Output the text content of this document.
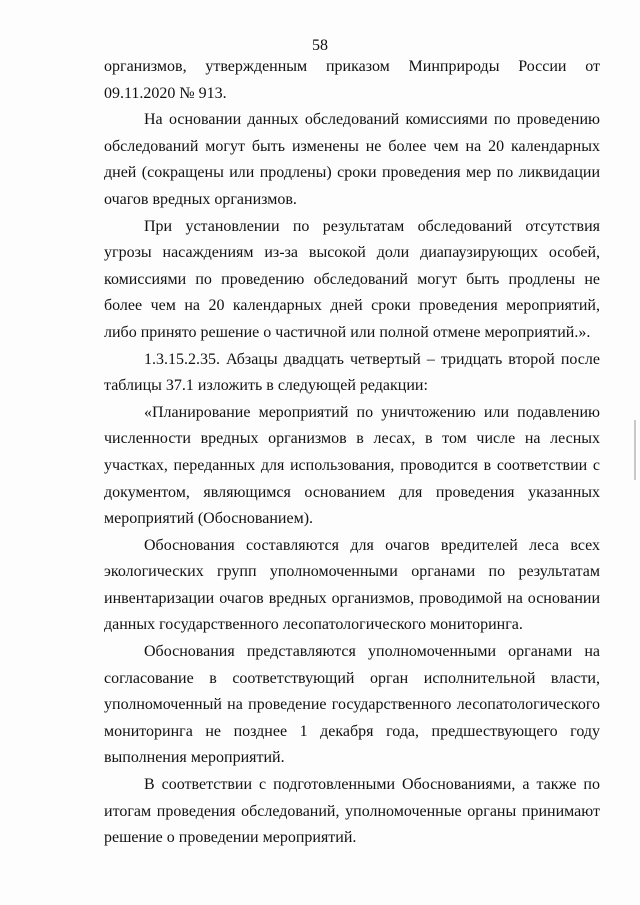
58

организмов, утвержденным приказом Минприроды России от 09.11.2020 № 913.

На основании данных обследований комиссиями по проведению обследований могут быть изменены не более чем на 20 календарных дней (сокращены или продлены) сроки проведения мер по ликвидации очагов вредных организмов.

При установлении по результатам обследований отсутствия угрозы насаждениям из-за высокой доли диапаузирующих особей, комиссиями по проведению обследований могут быть продлены не более чем на 20 календарных дней сроки проведения мероприятий, либо принято решение о частичной или полной отмене мероприятий.».

1.3.15.2.35. Абзацы двадцать четвертый – тридцать второй после таблицы 37.1 изложить в следующей редакции:

«Планирование мероприятий по уничтожению или подавлению численности вредных организмов в лесах, в том числе на лесных участках, переданных для использования, проводится в соответствии с документом, являющимся основанием для проведения указанных мероприятий (Обоснованием).

Обоснования составляются для очагов вредителей леса всех экологических групп уполномоченными органами по результатам инвентаризации очагов вредных организмов, проводимой на основании данных государственного лесопатологического мониторинга.

Обоснования представляются уполномоченными органами на согласование в соответствующий орган исполнительной власти, уполномоченный на проведение государственного лесопатологического мониторинга не позднее 1 декабря года, предшествующего году выполнения мероприятий.

В соответствии с подготовленными Обоснованиями, а также по итогам проведения обследований, уполномоченные органы принимают решение о проведении мероприятий.
